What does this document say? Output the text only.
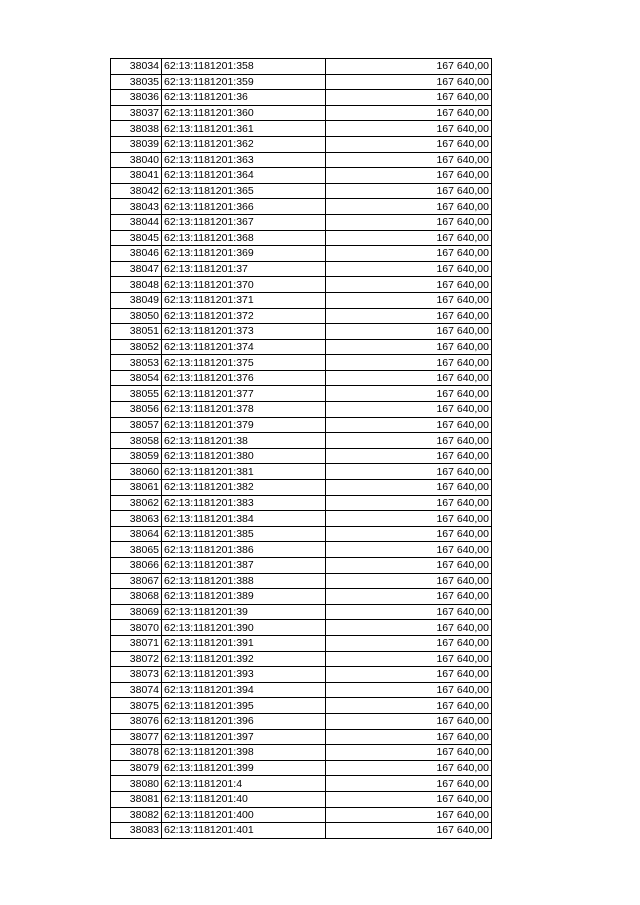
38034	62:13:1181201:358	167 640,00
38035	62:13:1181201:359	167 640,00
38036	62:13:1181201:36	167 640,00
38037	62:13:1181201:360	167 640,00
38038	62:13:1181201:361	167 640,00
38039	62:13:1181201:362	167 640,00
38040	62:13:1181201:363	167 640,00
38041	62:13:1181201:364	167 640,00
38042	62:13:1181201:365	167 640,00
38043	62:13:1181201:366	167 640,00
38044	62:13:1181201:367	167 640,00
38045	62:13:1181201:368	167 640,00
38046	62:13:1181201:369	167 640,00
38047	62:13:1181201:37	167 640,00
38048	62:13:1181201:370	167 640,00
38049	62:13:1181201:371	167 640,00
38050	62:13:1181201:372	167 640,00
38051	62:13:1181201:373	167 640,00
38052	62:13:1181201:374	167 640,00
38053	62:13:1181201:375	167 640,00
38054	62:13:1181201:376	167 640,00
38055	62:13:1181201:377	167 640,00
38056	62:13:1181201:378	167 640,00
38057	62:13:1181201:379	167 640,00
38058	62:13:1181201:38	167 640,00
38059	62:13:1181201:380	167 640,00
38060	62:13:1181201:381	167 640,00
38061	62:13:1181201:382	167 640,00
38062	62:13:1181201:383	167 640,00
38063	62:13:1181201:384	167 640,00
38064	62:13:1181201:385	167 640,00
38065	62:13:1181201:386	167 640,00
38066	62:13:1181201:387	167 640,00
38067	62:13:1181201:388	167 640,00
38068	62:13:1181201:389	167 640,00
38069	62:13:1181201:39	167 640,00
38070	62:13:1181201:390	167 640,00
38071	62:13:1181201:391	167 640,00
38072	62:13:1181201:392	167 640,00
38073	62:13:1181201:393	167 640,00
38074	62:13:1181201:394	167 640,00
38075	62:13:1181201:395	167 640,00
38076	62:13:1181201:396	167 640,00
38077	62:13:1181201:397	167 640,00
38078	62:13:1181201:398	167 640,00
38079	62:13:1181201:399	167 640,00
38080	62:13:1181201:4	167 640,00
38081	62:13:1181201:40	167 640,00
38082	62:13:1181201:400	167 640,00
38083	62:13:1181201:401	167 640,00
